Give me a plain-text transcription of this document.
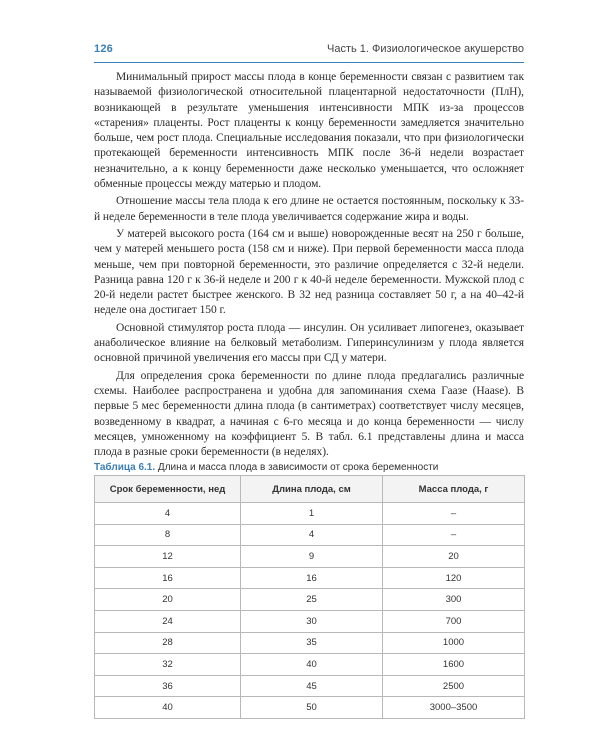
126	Часть 1. Физиологическое акушерство

Минимальный прирост массы плода в конце беременности связан с развитием так называемой физиологической относительной плацентарной недостаточности (ПлН), возникающей в результате уменьшения интенсивности МПК из-за процессов «старения» плаценты. Рост плаценты к концу беременности замедляется значительно больше, чем рост плода. Специальные исследования показали, что при физиологически протекающей беременности интенсивность МПК после 36-й недели возрастает незначительно, а к концу беременности даже несколько уменьшается, что осложняет обменные процессы между матерью и плодом.

Отношение массы тела плода к его длине не остается постоянным, поскольку к 33-й неделе беременности в теле плода увеличивается содержание жира и воды.

У матерей высокого роста (164 см и выше) новорожденные весят на 250 г больше, чем у матерей меньшего роста (158 см и ниже). При первой беременности масса плода меньше, чем при повторной беременности, это различие определяется с 32-й недели. Разница равна 120 г к 36-й неделе и 200 г к 40-й неделе беременности. Мужской плод с 20-й недели растет быстрее женского. В 32 нед разница составляет 50 г, а на 40–42-й неделе она достигает 150 г.

Основной стимулятор роста плода — инсулин. Он усиливает липогенез, оказывает анаболическое влияние на белковый метаболизм. Гиперинсулинизм у плода является основной причиной увеличения его массы при СД у матери.

Для определения срока беременности по длине плода предлагались различные схемы. Наиболее распространена и удобна для запоминания схема Гаазе (Haase). В первые 5 мес беременности длина плода (в сантиметрах) соответствует числу месяцев, возведенному в квадрат, а начиная с 6-го месяца и до конца беременности — числу месяцев, умноженному на коэффициент 5. В табл. 6.1 представлены длина и масса плода в разные сроки беременности (в неделях).

Таблица 6.1. Длина и масса плода в зависимости от срока беременности
Срок беременности, нед	Длина плода, см	Масса плода, г
4	1	–
8	4	–
12	9	20
16	16	120
20	25	300
24	30	700
28	35	1000
32	40	1600
36	45	2500
40	50	3000–3500
